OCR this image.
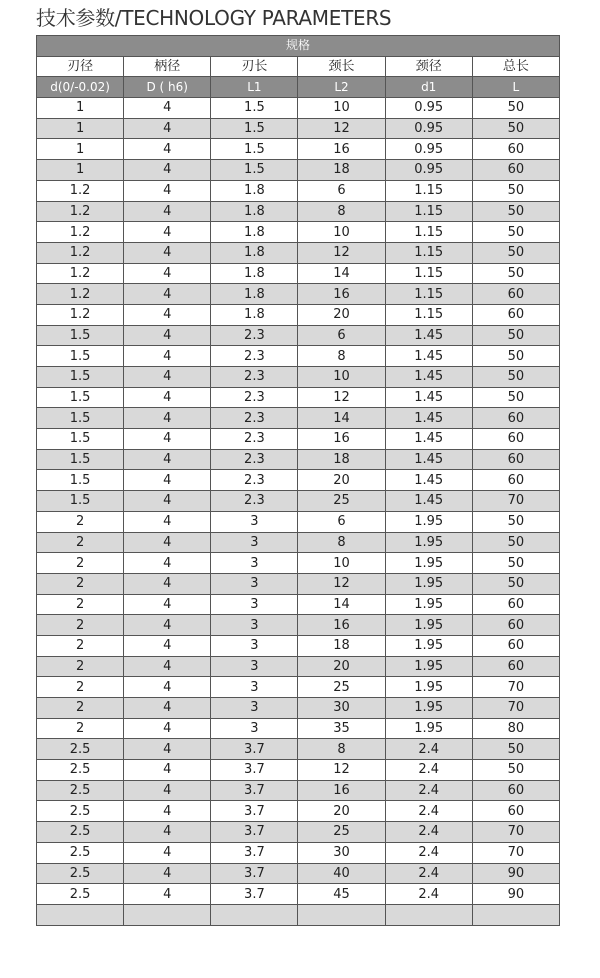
技术参数/TECHNOLOGY PARAMETERS
规格					
刃径	柄径	刃长	颈长	颈径	总长
d(0/-0.02)	D ( h6)	L1	L2	d1	L
1	4	1.5	10	0.95	50
1	4	1.5	12	0.95	50
1	4	1.5	16	0.95	60
1	4	1.5	18	0.95	60
1.2	4	1.8	6	1.15	50
1.2	4	1.8	8	1.15	50
1.2	4	1.8	10	1.15	50
1.2	4	1.8	12	1.15	50
1.2	4	1.8	14	1.15	50
1.2	4	1.8	16	1.15	60
1.2	4	1.8	20	1.15	60
1.5	4	2.3	6	1.45	50
1.5	4	2.3	8	1.45	50
1.5	4	2.3	10	1.45	50
1.5	4	2.3	12	1.45	50
1.5	4	2.3	14	1.45	60
1.5	4	2.3	16	1.45	60
1.5	4	2.3	18	1.45	60
1.5	4	2.3	20	1.45	60
1.5	4	2.3	25	1.45	70
2	4	3	6	1.95	50
2	4	3	8	1.95	50
2	4	3	10	1.95	50
2	4	3	12	1.95	50
2	4	3	14	1.95	60
2	4	3	16	1.95	60
2	4	3	18	1.95	60
2	4	3	20	1.95	60
2	4	3	25	1.95	70
2	4	3	30	1.95	70
2	4	3	35	1.95	80
2.5	4	3.7	8	2.4	50
2.5	4	3.7	12	2.4	50
2.5	4	3.7	16	2.4	60
2.5	4	3.7	20	2.4	60
2.5	4	3.7	25	2.4	70
2.5	4	3.7	30	2.4	70
2.5	4	3.7	40	2.4	90
2.5	4	3.7	45	2.4	90
